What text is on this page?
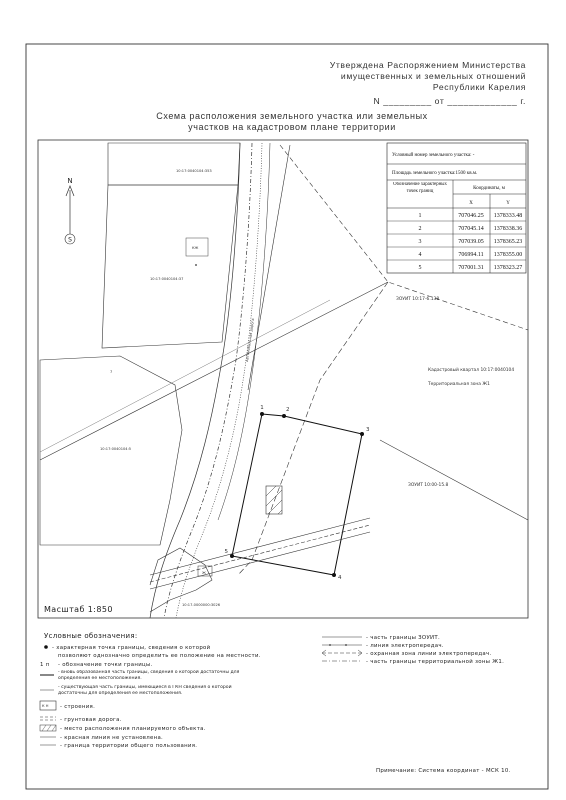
Утверждена Распоряжением Министерства
имущественных и земельных отношений
Республики Карелия
N _________ от _____________ г.
Схема расположения земельного участка или земельных
участков на кадастровом плане территории
1	2
3
4
5
N
S
10:17:0040104:353
10:17:0040104:37
10:17:0040104:5
10:17-0000000:3026
КЖ
Ж
7
Автомобильная дорога
ЗОУИТ 10:17-6.138
ЗОУИТ 10:00-15.8
Кадастровый квартал 10:17:0040104
Территориальная зона Ж1
Масштаб 1:850
Условный номер земельного участка: -
Площадь земельного участка:1500 кв.м.
Обозначение характерных точек границ	Координаты, м
X	Y
1	707046.25 1378333.48
2	707045.14 1378338.36
3	707039.05 1378365.23
4	706994.11 1378355.00
5	707001.31 1378323.27
Условные обозначения:
- характерная точка границы, сведения о которой
позволяют однозначно определить ее положение на местности.
1 п - обозначение точки границы.
- вновь образованная часть границы, сведения о которой достаточны для определения ее местоположения.
- существующая часть границы, имеющиеся в ГКН сведения о которой достаточны для определения ее местоположения.
К Н - строения.
- грунтовая дорога.
- место расположения планируемого объекта.
- красная линия не установлена.
- граница территории общего пользования.
- часть границы ЗОУИТ.
- линия электропередач.
- охранная зона линии электропередач.
- часть границы территориальной зоны Ж1.
Примечание: Система координат - МСК 10.
